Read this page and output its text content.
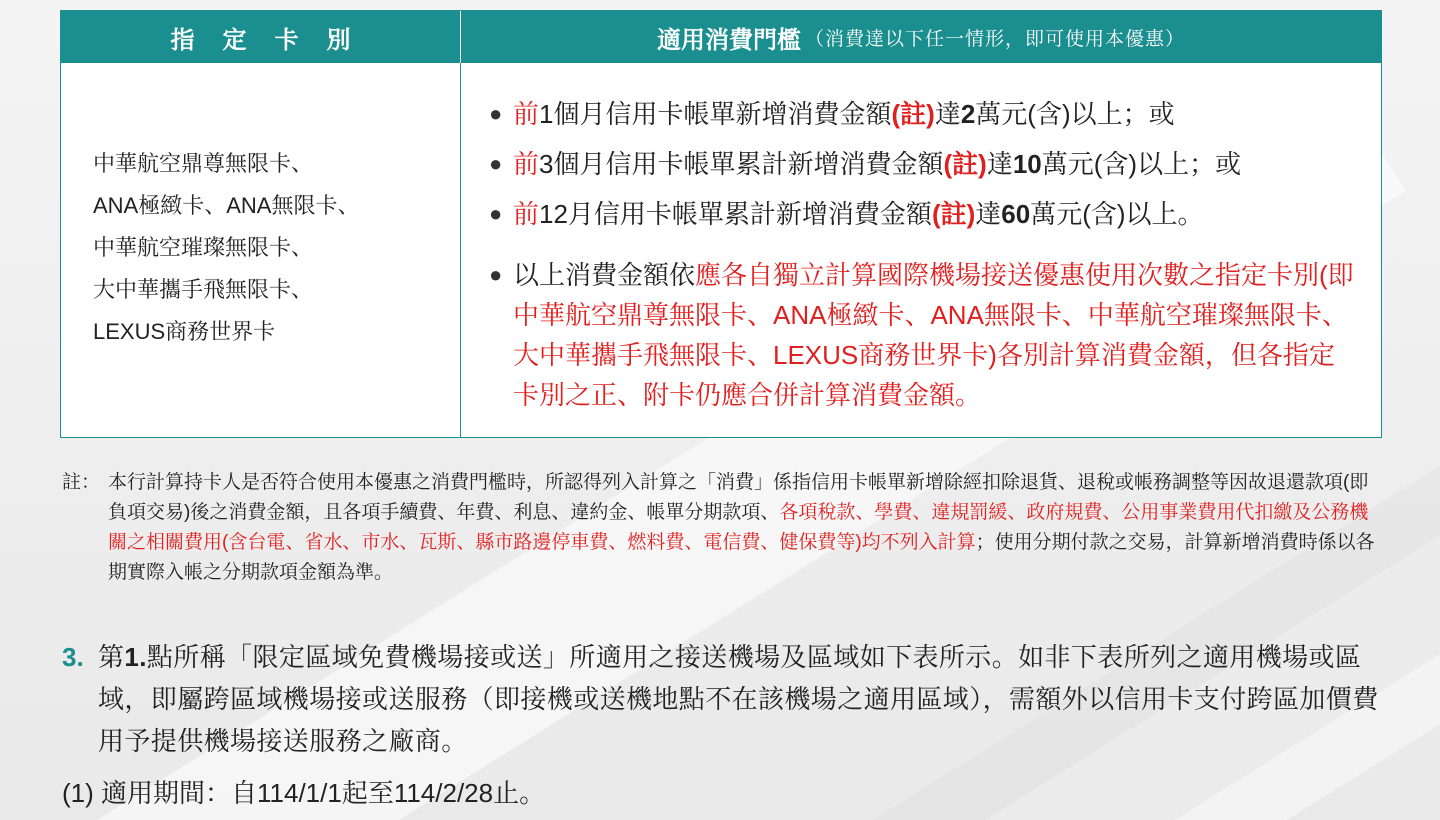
指定卡別	適用消費門檻 （消費達以下任一情形，即可使用本優惠）
中華航空鼎尊無限卡、
ANA極緻卡、ANA無限卡、
中華航空璀璨無限卡、
大中華攜手飛無限卡、
LEXUS商務世界卡
● 前1個月信用卡帳單新增消費金額(註)達2萬元(含)以上；或
● 前3個月信用卡帳單累計新增消費金額(註)達10萬元(含)以上；或
● 前12月信用卡帳單累計新增消費金額(註)達60萬元(含)以上。
● 以上消費金額依應各自獨立計算國際機場接送優惠使用次數之指定卡別(即中華航空鼎尊無限卡、ANA極緻卡、ANA無限卡、中華航空璀璨無限卡、大中華攜手飛無限卡、LEXUS商務世界卡)各別計算消費金額，但各指定卡別之正、附卡仍應合併計算消費金額。
註： 本行計算持卡人是否符合使用本優惠之消費門檻時，所認得列入計算之「消費」係指信用卡帳單新增除經扣除退貨、退稅或帳務調整等因故退還款項(即負項交易)後之消費金額，且各項手續費、年費、利息、違約金、帳單分期款項、各項稅款、學費、違規罰緩、政府規費、公用事業費用代扣繳及公務機關之相關費用(含台電、省水、市水、瓦斯、縣市路邊停車費、燃料費、電信費、健保費等)均不列入計算；使用分期付款之交易，計算新增消費時係以各期實際入帳之分期款項金額為準。
3. 第1.點所稱「限定區域免費機場接或送」所適用之接送機場及區域如下表所示。如非下表所列之適用機場或區域，即屬跨區域機場接或送服務（即接機或送機地點不在該機場之適用區域），需額外以信用卡支付跨區加價費用予提供機場接送服務之廠商。
(1) 適用期間：自114/1/1起至114/2/28止。
